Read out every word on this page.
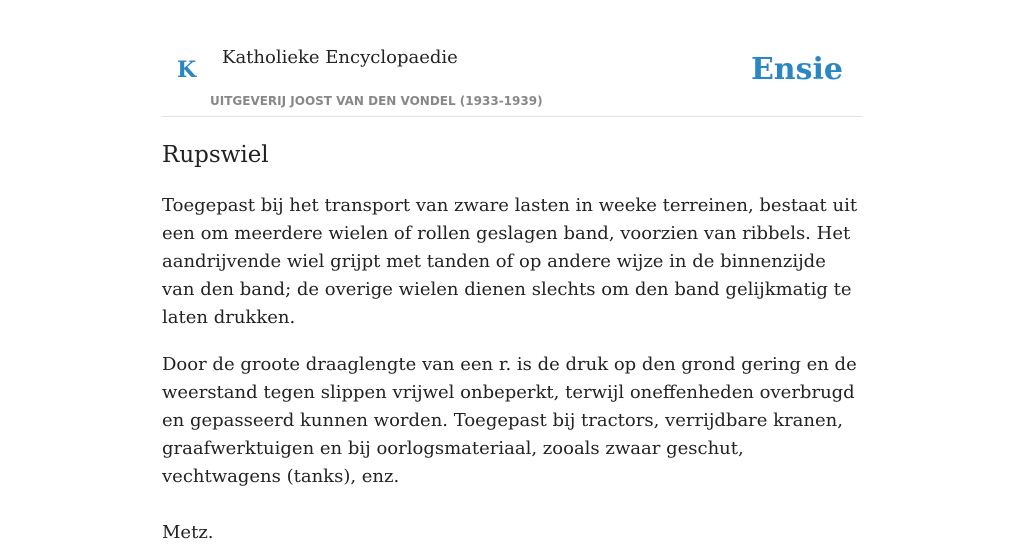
K Katholieke Encyclopaedie
UITGEVERIJ JOOST VAN DEN VONDEL (1933-1939)
Ensie
Rupswiel

Toegepast bij het transport van zware lasten in weeke terreinen, bestaat uit een om meerdere wielen of rollen geslagen band, voorzien van ribbels. Het aandrijvende wiel grijpt met tanden of op andere wijze in de binnenzijde van den band; de overige wielen dienen slechts om den band gelijkmatig te laten drukken.

Door de groote draaglengte van een r. is de druk op den grond gering en de weerstand tegen slippen vrijwel onbeperkt, terwijl oneffenheden overbrugd en gepasseerd kunnen worden. Toegepast bij tractors, verrijdbare kranen, graafwerktuigen en bij oorlogsmateriaal, zooals zwaar geschut, vechtwagens (tanks), enz.

Metz.
